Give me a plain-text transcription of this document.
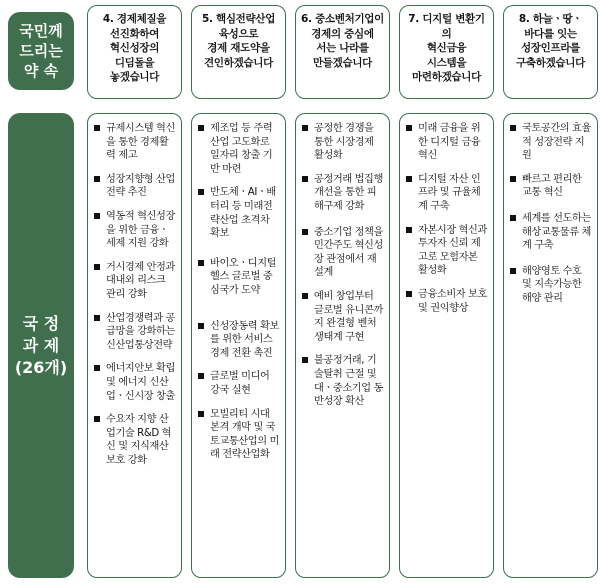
국민께
드리는
약 속
국 정
과 제
(26개)
4. 경제체질을
선진화하여
혁신성장의
디딤돌을
놓겠습니다
규제시스템 혁신을 통한 경제활력 제고
성장지향형 산업전략 추진
역동적 혁신성장을 위한 금융ㆍ세제 지원 강화
거시경제 안정과 대내외 리스크 관리 강화
산업경쟁력과 공급망을 강화하는 신산업통상전략
에너지안보 확립 및 에너지 신산업ㆍ신시장 창출
수요자 지향 산업기술 R&D 혁신 및 지식재산 보호 강화
5. 핵심전략산업
육성으로
경제 재도약을
견인하겠습니다
제조업 등 주력산업 고도화로 일자리 창출 기반 마련
반도체ㆍAIㆍ배터리 등 미래전략산업 초격차 확보
바이오ㆍ디지털 헬스 글로벌 중심국가 도약
신성장동력 확보를 위한 서비스 경제 전환 촉진
글로벌 미디어 강국 실현
모빌리티 시대 본격 개막 및 국토교통산업의 미래 전략산업화
6. 중소벤처기업이
경제의 중심에
서는 나라를
만들겠습니다
공정한 경쟁을 통한 시장경제 활성화
공정거래 법집행 개선을 통한 피해구제 강화
중소기업 정책을 민간주도 혁신성장 관점에서 재설계
예비 창업부터 글로벌 유니콘까지 완결형 벤처생태계 구현
불공정거래, 기술탈취 근절 및 대ㆍ중소기업 동반성장 확산
7. 디지털 변환기의
혁신금융
시스템을
마련하겠습니다
미래 금융을 위한 디지털 금융혁신
디지털 자산 인프라 및 규율체계 구축
자본시장 혁신과 투자자 신뢰 제고로 모험자본 활성화
금융소비자 보호 및 권익향상
8. 하늘ㆍ땅ㆍ
바다를 잇는
성장인프라를
구축하겠습니다
국토공간의 효율적 성장전략 지원
빠르고 편리한 교통 혁신
세계를 선도하는 해상교통물류 체계 구축
해양영토 수호 및 지속가능한 해양 관리
